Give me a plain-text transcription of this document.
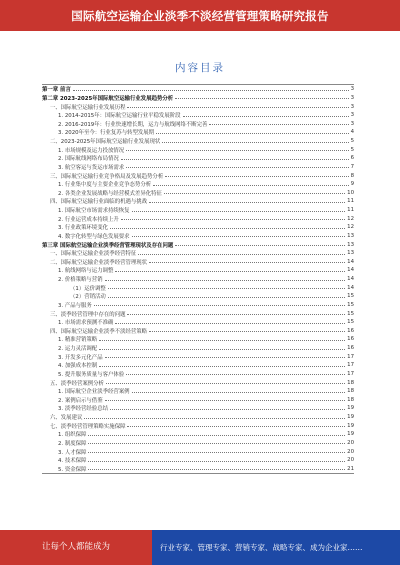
国际航空运输企业淡季不淡经营管理策略研究报告
内容目录
第一章 前言	3
第二章 2023-2025年国际航空运输行业发展趋势分析	3
一、国际航空运输行业发展历程	3
1. 2014-2015年：国际航空运输行业平稳发展阶段	3
2. 2016-2019年：行业快速增长期，运力与航线网络不断完善	3
3. 2020年至今：行业复苏与转型发展期	4
二、2023-2025年国际航空运输行业发展现状	5
1. 市场规模及运力投放情况	5
2. 国际航线网络布局情况	6
3. 航空客运与货运市场需求	7
三、国际航空运输行业竞争格局及发展趋势分析	8
1. 行业集中度与主要企业竞争态势分析	9
2. 各类企业发展战略与经营模式差异化特征	10
四、国际航空运输行业面临的机遇与挑战	11
1. 国际航空市场需求持续恢复	11
2. 行业运营成本持续上升	12
3. 行业政策环境变化	12
4. 数字化转型与绿色发展要求	13
第三章 国际航空运输企业淡季经营管理现状及存在问题	13
一、国际航空运输企业淡季经营特征	13
二、国际航空运输企业淡季经营管理现状	14
1. 航线网络与运力调整	14
2. 价格策略与营销	14
（1）运价调整	14
（2）营销活动	15
3. 产品与服务	15
三、淡季经营管理中存在的问题	15
1. 市场需求预测不准确	15
四、国际航空运输企业淡季不淡经营策略	16
1. 精准营销策略	16
2. 运力灵活调配	16
3. 开发多元化产品	17
4. 加强成本控制	17
5. 提升服务质量与客户体验	17
五、淡季经营案例分析	18
1. 国际航空企业淡季经营案例	18
2. 案例启示与借鉴	18
3. 淡季经营经验总结	19
六、发展建议	19
七、淡季经营管理策略实施保障	19
1. 组织保障	19
2. 制度保障	20
3. 人才保障	20
4. 技术保障	20
5. 资金保障	21
让每个人都能成为	行业专家、管理专家、营销专家、战略专家、成为企业家……
